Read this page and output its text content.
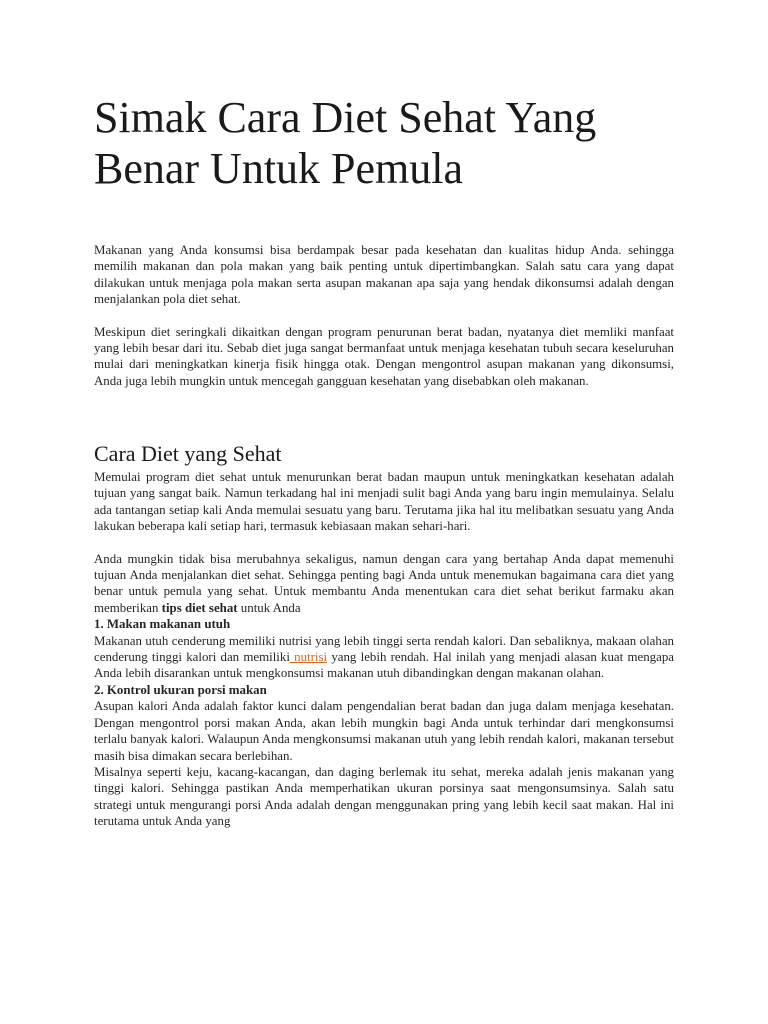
Simak Cara Diet Sehat Yang Benar Untuk Pemula

Makanan yang Anda konsumsi bisa berdampak besar pada kesehatan dan kualitas hidup Anda. sehingga memilih makanan dan pola makan yang baik penting untuk dipertimbangkan. Salah satu cara yang dapat dilakukan untuk menjaga pola makan serta asupan makanan apa saja yang hendak dikonsumsi adalah dengan menjalankan pola diet sehat.

Meskipun diet seringkali dikaitkan dengan program penurunan berat badan, nyatanya diet memliki manfaat yang lebih besar dari itu. Sebab diet juga sangat bermanfaat untuk menjaga kesehatan tubuh secara keseluruhan mulai dari meningkatkan kinerja fisik hingga otak. Dengan mengontrol asupan makanan yang dikonsumsi, Anda juga lebih mungkin untuk mencegah gangguan kesehatan yang disebabkan oleh makanan.

Cara Diet yang Sehat

Memulai program diet sehat untuk menurunkan berat badan maupun untuk meningkatkan kesehatan adalah tujuan yang sangat baik. Namun terkadang hal ini menjadi sulit bagi Anda yang baru ingin memulainya. Selalu ada tantangan setiap kali Anda memulai sesuatu yang baru. Terutama jika hal itu melibatkan sesuatu yang Anda lakukan beberapa kali setiap hari, termasuk kebiasaan makan sehari-hari.

Anda mungkin tidak bisa merubahnya sekaligus, namun dengan cara yang bertahap Anda dapat memenuhi tujuan Anda menjalankan diet sehat. Sehingga penting bagi Anda untuk menemukan bagaimana cara diet yang benar untuk pemula yang sehat. Untuk membantu Anda menentukan cara diet sehat berikut farmaku akan memberikan tips diet sehat untuk Anda

1. Makan makanan utuh

Makanan utuh cenderung memiliki nutrisi yang lebih tinggi serta rendah kalori. Dan sebaliknya, makaan olahan cenderung tinggi kalori dan memiliki nutrisi yang lebih rendah. Hal inilah yang menjadi alasan kuat mengapa Anda lebih disarankan untuk mengkonsumsi makanan utuh dibandingkan dengan makanan olahan.

2. Kontrol ukuran porsi makan

Asupan kalori Anda adalah faktor kunci dalam pengendalian berat badan dan juga dalam menjaga kesehatan. Dengan mengontrol porsi makan Anda, akan lebih mungkin bagi Anda untuk terhindar dari mengkonsumsi terlalu banyak kalori. Walaupun Anda mengkonsumsi makanan utuh yang lebih rendah kalori, makanan tersebut masih bisa dimakan secara berlebihan.

Misalnya seperti keju, kacang-kacangan, dan daging berlemak itu sehat, mereka adalah jenis makanan yang tinggi kalori. Sehingga pastikan Anda memperhatikan ukuran porsinya saat mengonsumsinya. Salah satu strategi untuk mengurangi porsi Anda adalah dengan menggunakan pring yang lebih kecil saat makan. Hal ini terutama untuk Anda yang
